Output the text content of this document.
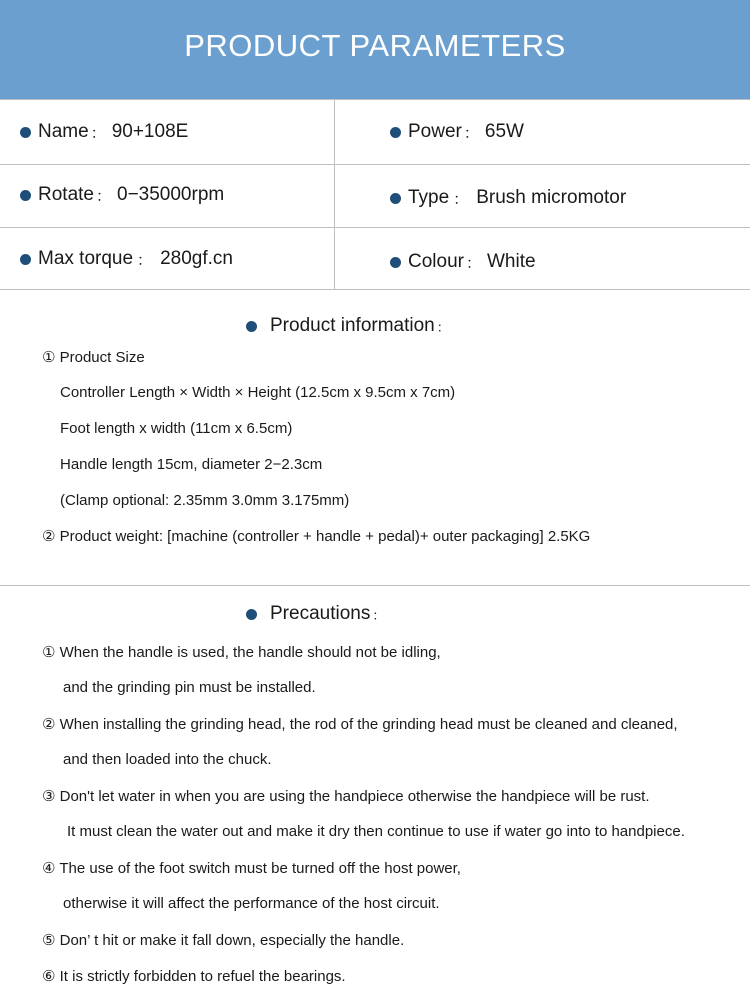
PRODUCT PARAMETERS
Name ： 90+108E	Power ： 65W
Rotate ： 0−35000rpm	Type ： Brush micromotor
Max torque ： 280gf.cn	Colour ： White
Product information ：
① Product Size
Controller Length × Width × Height (12.5cm x 9.5cm x 7cm)
Foot length x width (11cm x 6.5cm)
Handle length 15cm, diameter 2−2.3cm
(Clamp optional: 2.35mm 3.0mm 3.175mm)
② Product weight: [machine (controller + handle + pedal)+ outer packaging] 2.5KG
Precautions ：
① When the handle is used, the handle should not be idling,
and the grinding pin must be installed.
② When installing the grinding head, the rod of the grinding head must be cleaned and cleaned,
and then loaded into the chuck.
③ Don't let water in when you are using the handpiece otherwise the handpiece will be rust.
It must clean the water out and make it dry then continue to use if water go into to handpiece.
④ The use of the foot switch must be turned off the host power,
otherwise it will affect the performance of the host circuit.
⑤ Don’ t hit or make it fall down, especially the handle.
⑥ It is strictly forbidden to refuel the bearings.
